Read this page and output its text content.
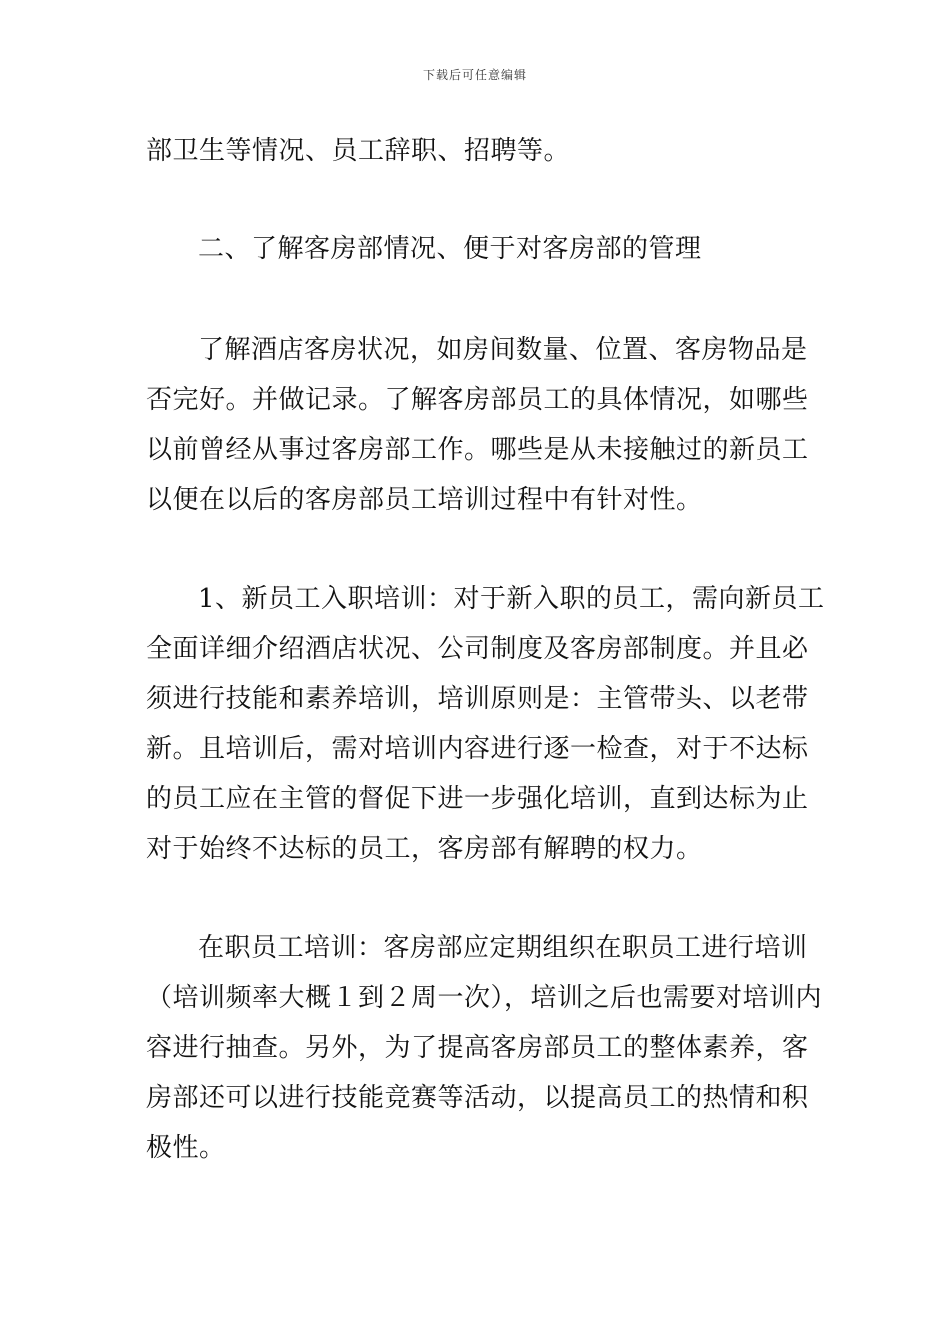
下载后可任意编辑
部卫生等情况、员工辞职、招聘等。
二、了解客房部情况、便于对客房部的管理
了解酒店客房状况，如房间数量、位置、客房物品是
否完好。并做记录。了解客房部员工的具体情况，如哪些
以前曾经从事过客房部工作。哪些是从未接触过的新员工
以便在以后的客房部员工培训过程中有针对性。
1、新员工入职培训：对于新入职的员工，需向新员工
全面详细介绍酒店状况、公司制度及客房部制度。并且必
须进行技能和素养培训，培训原则是：主管带头、以老带
新。且培训后，需对培训内容进行逐一检查，对于不达标
的员工应在主管的督促下进一步强化培训，直到达标为止
对于始终不达标的员工，客房部有解聘的权力。
在职员工培训：客房部应定期组织在职员工进行培训
（培训频率大概１到２周一次），培训之后也需要对培训内
容进行抽查。另外，为了提高客房部员工的整体素养，客
房部还可以进行技能竞赛等活动，以提高员工的热情和积
极性。
